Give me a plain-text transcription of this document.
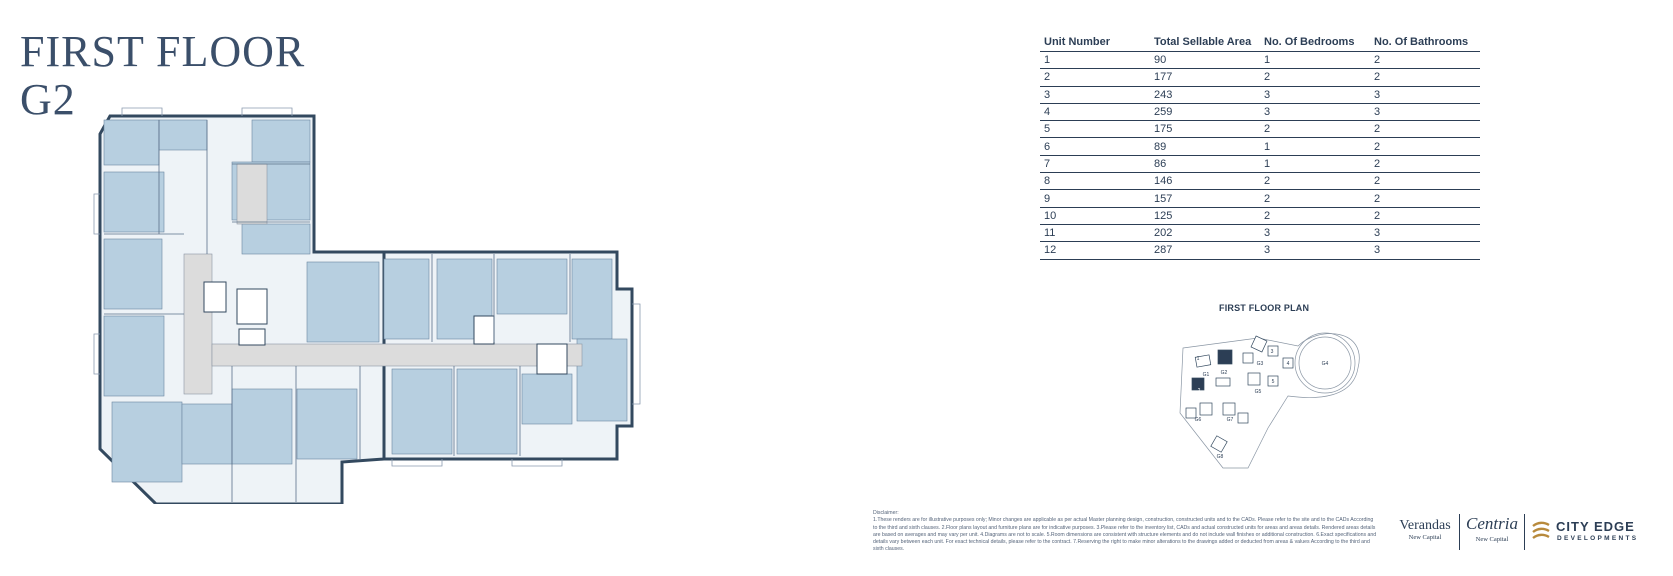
FIRST FLOOR
G2
Unit Number	Total Sellable Area	No. Of Bedrooms	No. Of Bathrooms
1	90	1	2
2	177	2	2
3	243	3	3
4	259	3	3
5	175	2	2
6	89	1	2
7	86	1	2
8	146	2	2
9	157	2	2
10	125	2	2
11	202	3	3
12	287	3	3
FIRST FLOOR PLAN
G1 G2
G3	G4
G5
G6	G7
G8
1
2
3
4
5
Disclaimer:
1.These renders are for illustrative purposes only; Minor changes are applicable as per actual Master planning design, construction, constructed units and to the CADs. Please refer to the site and to the CADs According to the third and sixth clauses. 2.Floor plans layout and furniture plans are for indicative purposes. 3.Please refer to the inventory list, CADs and actual constructed units for areas and areas details. Rendered areas details are based on averages and may vary per unit. 4.Diagrams are not to scale. 5.Room dimensions are consistent with structure elements and do not include wall finishes or additional construction. 6.Exact specifications and details vary between each unit. For exact technical details, please refer to the contract. 7.Reserving the right to make minor alterations to the drawings added or deducted from areas & values According to the third and sixth clauses.
Verandas
New Capital
Centria
New Capital
CITY EDGE
DEVELOPMENTS
